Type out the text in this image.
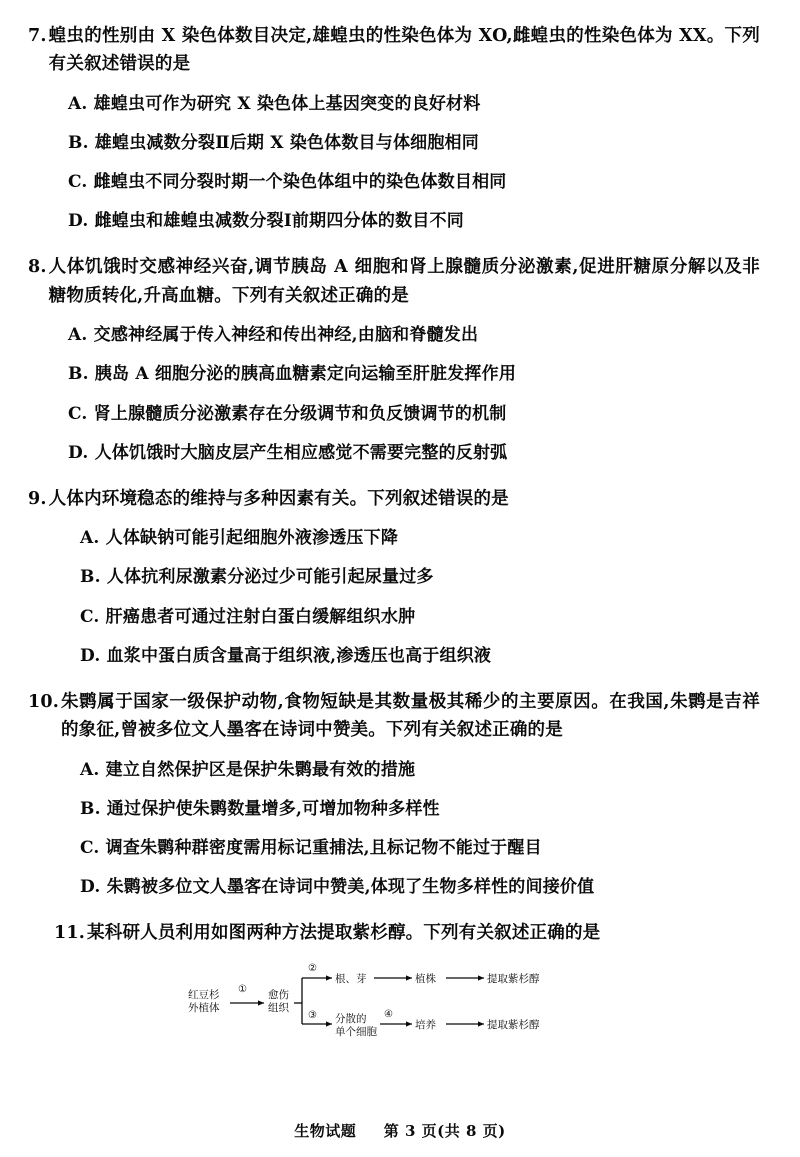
7. 蝗虫的性别由 X 染色体数目决定,雄蝗虫的性染色体为 XO,雌蝗虫的性染色体为 XX。下列有关叙述错误的是
A. 雄蝗虫可作为研究 X 染色体上基因突变的良好材料
B. 雄蝗虫减数分裂Ⅱ后期 X 染色体数目与体细胞相同
C. 雌蝗虫不同分裂时期一个染色体组中的染色体数目相同
D. 雌蝗虫和雄蝗虫减数分裂Ⅰ前期四分体的数目不同
8. 人体饥饿时交感神经兴奋,调节胰岛 A 细胞和肾上腺髓质分泌激素,促进肝糖原分解以及非糖物质转化,升高血糖。下列有关叙述正确的是
A. 交感神经属于传入神经和传出神经,由脑和脊髓发出
B. 胰岛 A 细胞分泌的胰高血糖素定向运输至肝脏发挥作用
C. 肾上腺髓质分泌激素存在分级调节和负反馈调节的机制
D. 人体饥饿时大脑皮层产生相应感觉不需要完整的反射弧
9. 人体内环境稳态的维持与多种因素有关。下列叙述错误的是
A. 人体缺钠可能引起细胞外液渗透压下降
B. 人体抗利尿激素分泌过少可能引起尿量过多
C. 肝癌患者可通过注射白蛋白缓解组织水肿
D. 血浆中蛋白质含量高于组织液,渗透压也高于组织液
10. 朱鹮属于国家一级保护动物,食物短缺是其数量极其稀少的主要原因。在我国,朱鹮是吉祥的象征,曾被多位文人墨客在诗词中赞美。下列有关叙述正确的是
A. 建立自然保护区是保护朱鹮最有效的措施
B. 通过保护使朱鹮数量增多,可增加物种多样性
C. 调查朱鹮种群密度需用标记重捕法,且标记物不能过于醒目
D. 朱鹮被多位文人墨客在诗词中赞美,体现了生物多样性的间接价值
11. 某科研人员利用如图两种方法提取紫杉醇。下列有关叙述正确的是
红豆杉
外植体
① 愈伤
组织
②
根、芽	植株	提取紫杉醇
③ 分散的
单个细胞
④
培养	提取紫杉醇
生物试题 第 3 页(共 8 页)
